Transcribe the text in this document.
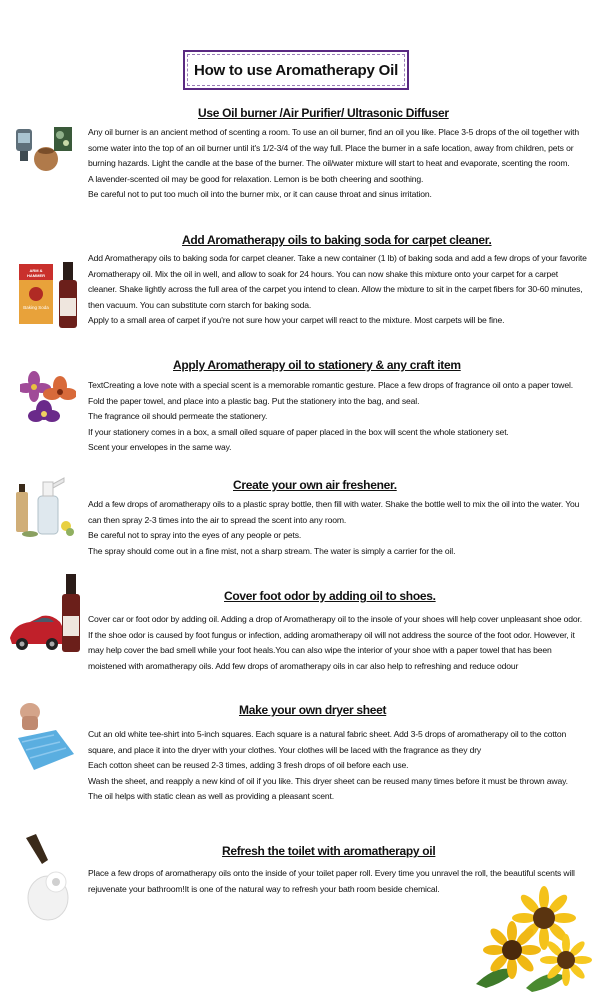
How to use Aromatherapy Oil
Use Oil burner /Air Purifier/ Ultrasonic Diffuser

Any oil burner is an ancient method of scenting a room. To use an oil burner, find an oil you like. Place 3-5 drops of the oil together with some water into the top of an oil burner until it's 1/2-3/4 of the way full. Place the burner in a safe location, away from children, pets or burning hazards. Light the candle at the base of the burner. The oil/water mixture will start to heat and evaporate, scenting the room.

A lavender-scented oil may be good for relaxation. Lemon is be both cheering and soothing.

Be careful not to put too much oil into the burner mix, or it can cause throat and sinus irritation.

ARM & HAMMER
Baking Soda
Add Aromatherapy oils to baking soda for carpet cleaner.

Add Aromatherapy oils to baking soda for carpet cleaner. Take a new container (1 lb) of baking soda and add a few drops of your favorite Aromatherapy oil. Mix the oil in well, and allow to soak for 24 hours. You can now shake this mixture onto your carpet for a carpet cleaner. Shake lightly across the full area of the carpet you intend to clean. Allow the mixture to sit in the carpet fibers for 30-60 minutes, then vacuum. You can substitute corn starch for baking soda.

Apply to a small area of carpet if you're not sure how your carpet will react to the mixture. Most carpets will be fine.

Apply Aromatherapy oil to stationery & any craft item

TextCreating a love note with a special scent is a memorable romantic gesture. Place a few drops of fragrance oil onto a paper towel. Fold the paper towel, and place into a plastic bag. Put the stationery into the bag, and seal.

The fragrance oil should permeate the stationery.

If your stationery comes in a box, a small oiled square of paper placed in the box will scent the whole stationery set.

Scent your envelopes in the same way.

Create your own air freshener.

Add a few drops of aromatherapy oils to a plastic spray bottle, then fill with water. Shake the bottle well to mix the oil into the water. You can then spray 2-3 times into the air to spread the scent into any room.

Be careful not to spray into the eyes of any people or pets.

The spray should come out in a fine mist, not a sharp stream. The water is simply a carrier for the oil.

Cover foot odor by adding oil to shoes.

Cover car or foot odor by adding oil. Adding a drop of Aromatherapy oil to the insole of your shoes will help cover unpleasant shoe odor.

If the shoe odor is caused by foot fungus or infection, adding aromatherapy oil will not address the source of the foot odor. However, it may help cover the bad smell while your foot heals.You can also wipe the interior of your shoe with a paper towel that has been moistened with aromatherapy oils. Add few drops of aromatherapy oils in car also help to refreshing and reduce odour

Make your own dryer sheet

Cut an old white tee-shirt into 5-inch squares. Each square is a natural fabric sheet. Add 3-5 drops of aromatherapy oil to the cotton square, and place it into the dryer with your clothes. Your clothes will be laced with the fragrance as they dry

Each cotton sheet can be reused 2-3 times, adding 3 fresh drops of oil before each use.

Wash the sheet, and reapply a new kind of oil if you like. This dryer sheet can be reused many times before it must be thrown away.

The oil helps with static clean as well as providing a pleasant scent.

Refresh the toilet with aromatherapy oil

Place a few drops of aromatherapy oils onto the inside of your toilet paper roll. Every time you unravel the roll, the beautiful scents will rejuvenate your bathroom!It is one of the natural way to refresh your bath room beside chemical.
